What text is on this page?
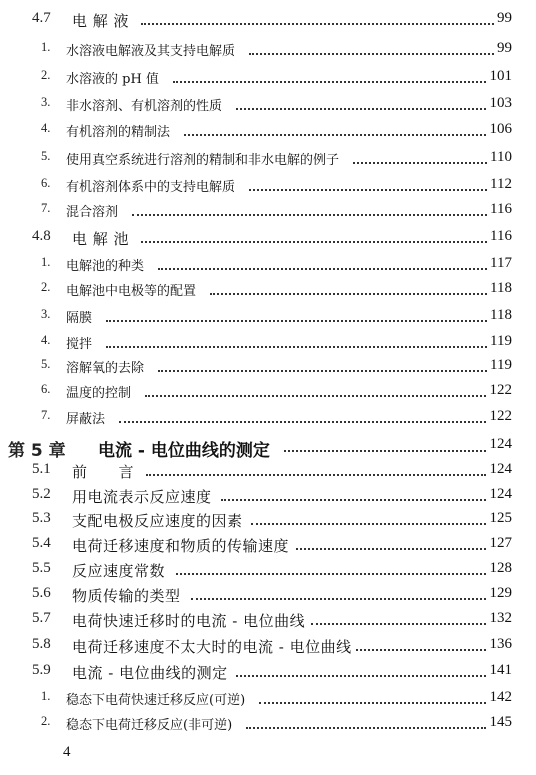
4.7 电 解 液	99
1. 水溶液电解液及其支持电解质	99
2. 水溶液的 pH 值	101
3. 非水溶剂、有机溶剂的性质	103
4. 有机溶剂的精制法	106
5. 使用真空系统进行溶剂的精制和非水电解的例子	110
6. 有机溶剂体系中的支持电解质	112
7. 混合溶剂	116
4.8 电 解 池	116
1. 电解池的种类	117
2. 电解池中电极等的配置	118
3. 隔膜	118
4. 搅拌	119
5. 溶解氧的去除	119
6. 温度的控制	122
7. 屏蔽法	122
第 5 章 电流 - 电位曲线的测定	124
5.1 前　　言	124
5.2 用电流表示反应速度	124
5.3 支配电极反应速度的因素	125
5.4 电荷迁移速度和物质的传输速度	127
5.5 反应速度常数	128
5.6 物质传输的类型	129
5.7 电荷快速迁移时的电流 - 电位曲线	132
5.8 电荷迁移速度不太大时的电流 - 电位曲线	136
5.9 电流 - 电位曲线的测定	141
1. 稳态下电荷快速迁移反应(可逆)	142
2. 稳态下电荷迁移反应(非可逆)	145
4
